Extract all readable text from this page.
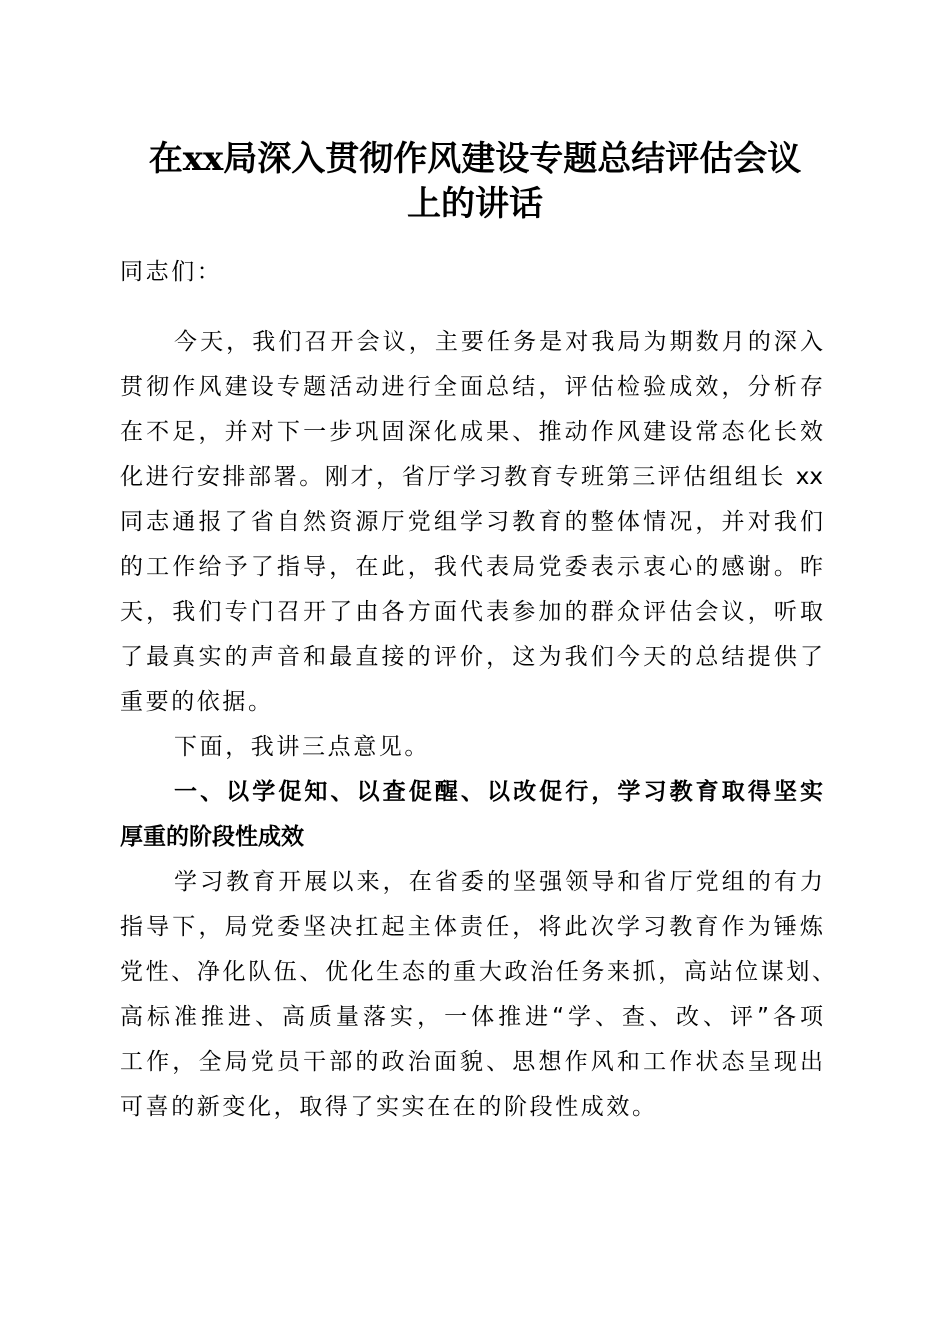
在xx局深入贯彻作风建设专题总结评估会议
上的讲话
同志们：
今天，我们召开会议，主要任务是对我局为期数月的深入
贯彻作风建设专题活动进行全面总结，评估检验成效，分析存
在不足，并对下一步巩固深化成果、推动作风建设常态化长效
化进行安排部署。刚才，省厅学习教育专班第三评估组组长 xx
同志通报了省自然资源厅党组学习教育的整体情况，并对我们
的工作给予了指导，在此，我代表局党委表示衷心的感谢。昨
天，我们专门召开了由各方面代表参加的群众评估会议，听取
了最真实的声音和最直接的评价，这为我们今天的总结提供了
重要的依据。
下面，我讲三点意见。
一、以学促知、以查促醒、以改促行，学习教育取得坚实
厚重的阶段性成效
学习教育开展以来，在省委的坚强领导和省厅党组的有力
指导下，局党委坚决扛起主体责任，将此次学习教育作为锤炼
党性、净化队伍、优化生态的重大政治任务来抓，高站位谋划、
高标准推进、高质量落实，一体推进“学、查、改、评”各项
工作，全局党员干部的政治面貌、思想作风和工作状态呈现出
可喜的新变化，取得了实实在在的阶段性成效。
